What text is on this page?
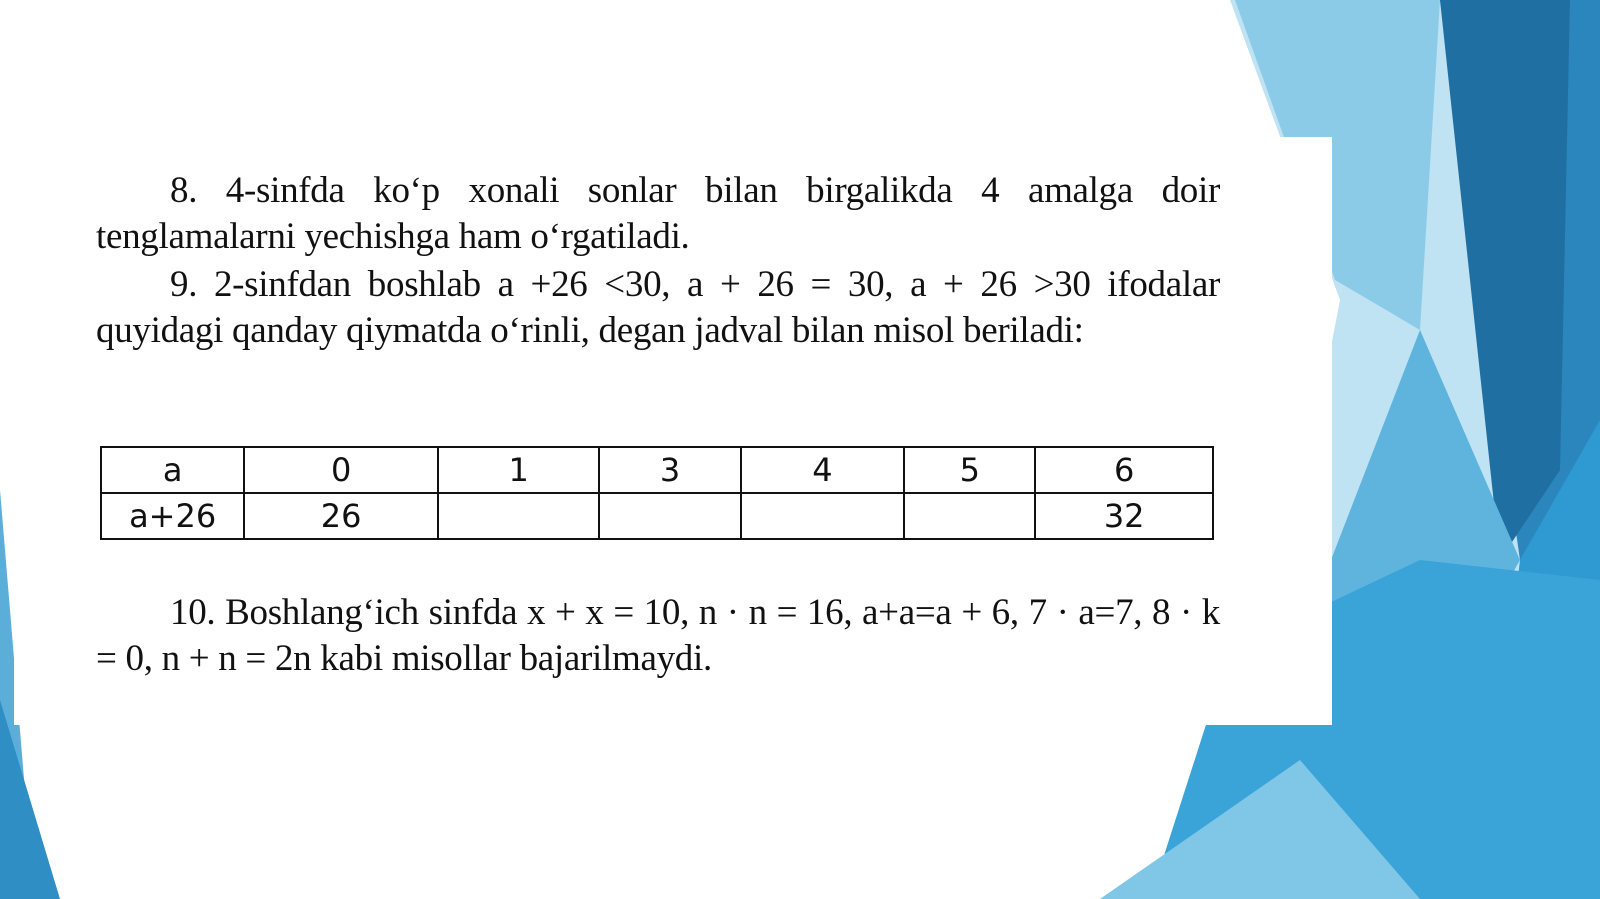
8. 4-sinfda ko‘p xonali sonlar bilan birgalikda 4 amalga doir tenglamalarni yechishga ham o‘rgatiladi.

9. 2-sinfdan boshlab a +26 <30, a + 26 = 30, a + 26 >30 ifodalar quyidagi qanday qiymatda o‘rinli, degan jadval bilan misol beriladi:

a	0	1	3	4	5	6
a+26	26					32

10. Boshlang‘ich sinfda x + x = 10, n · n = 16, a+a=a + 6, 7 · a=7, 8 · k = 0, n + n = 2n kabi misollar bajarilmaydi.
